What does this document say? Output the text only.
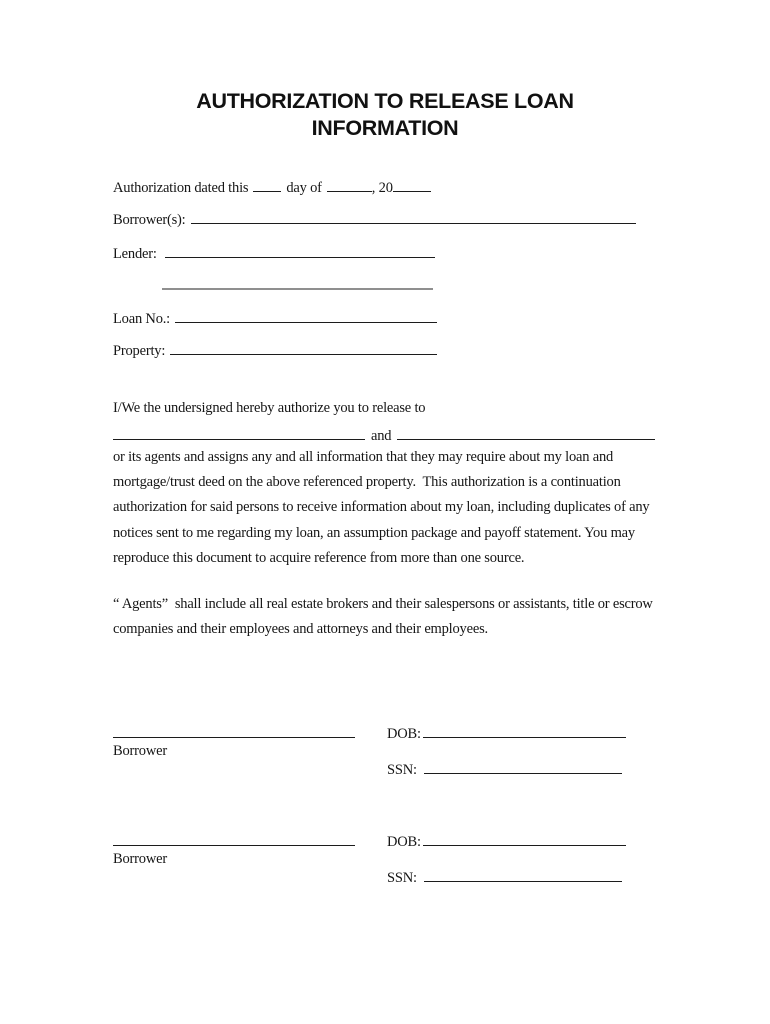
AUTHORIZATION TO RELEASE LOAN
INFORMATION
Authorization dated this	day of	, 20
Borrower(s):
Lender:
Loan No.:
Property:
I/We the undersigned hereby authorize you to release to
and
or its agents and assigns any and all information that they may require about my loan and
mortgage/trust deed on the above referenced property.  This authorization is a continuation
authorization for said persons to receive information about my loan, including duplicates of any
notices sent to me regarding my loan, an assumption package and payoff statement. You may
reproduce this document to acquire reference from more than one source.
“ Agents”  shall include all real estate brokers and their salespersons or assistants, title or escrow
companies and their employees and attorneys and their employees.
Borrower
DOB:
SSN:
Borrower
DOB:
SSN:
